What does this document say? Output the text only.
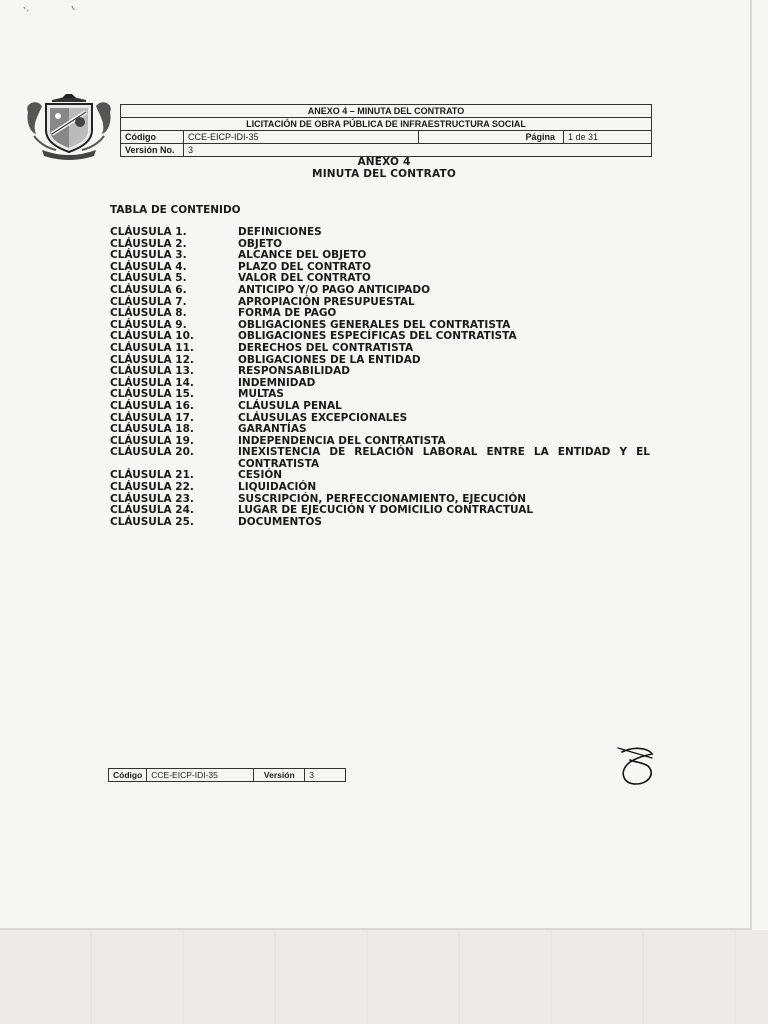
ANEXO 4 – MINUTA DEL CONTRATO
LICITACIÓN DE OBRA PÚBLICA DE INFRAESTRUCTURA SOCIAL
Código	CCE-EICP-IDI-35	Página	1 de 31
Versión No.	3
ANEXO 4
MINUTA DEL CONTRATO
TABLA DE CONTENIDO
CLÁUSULA 1.	DEFINICIONES
CLÁUSULA 2.	OBJETO
CLÁUSULA 3.	ALCANCE DEL OBJETO
CLÁUSULA 4.	PLAZO DEL CONTRATO
CLÁUSULA 5.	VALOR DEL CONTRATO
CLÁUSULA 6.	ANTICIPO Y/O PAGO ANTICIPADO
CLÁUSULA 7.	APROPIACIÓN PRESUPUESTAL
CLÁUSULA 8.	FORMA DE PAGO
CLÁUSULA 9.	OBLIGACIONES GENERALES DEL CONTRATISTA
CLÁUSULA 10.	OBLIGACIONES ESPECÍFICAS DEL CONTRATISTA
CLÁUSULA 11.	DERECHOS DEL CONTRATISTA
CLÁUSULA 12.	OBLIGACIONES DE LA ENTIDAD
CLÁUSULA 13.	RESPONSABILIDAD
CLÁUSULA 14.	INDEMNIDAD
CLÁUSULA 15.	MULTAS
CLÁUSULA 16.	CLÁUSULA PENAL
CLÁUSULA 17.	CLÁUSULAS EXCEPCIONALES
CLÁUSULA 18.	GARANTÍAS
CLÁUSULA 19.	INDEPENDENCIA DEL CONTRATISTA
CLÁUSULA 20.	INEXISTENCIA DE RELACIÓN LABORAL ENTRE LA ENTIDAD Y EL
CONTRATISTA
CLÁUSULA 21.	CESIÓN
CLÁUSULA 22.	LIQUIDACIÓN
CLÁUSULA 23.	SUSCRIPCIÓN, PERFECCIONAMIENTO, EJECUCIÓN
CLÁUSULA 24.	LUGAR DE EJECUCIÓN Y DOMICILIO CONTRACTUAL
CLÁUSULA 25.	DOCUMENTOS
Código	CCE-EICP-IDI-35	Versión	3
